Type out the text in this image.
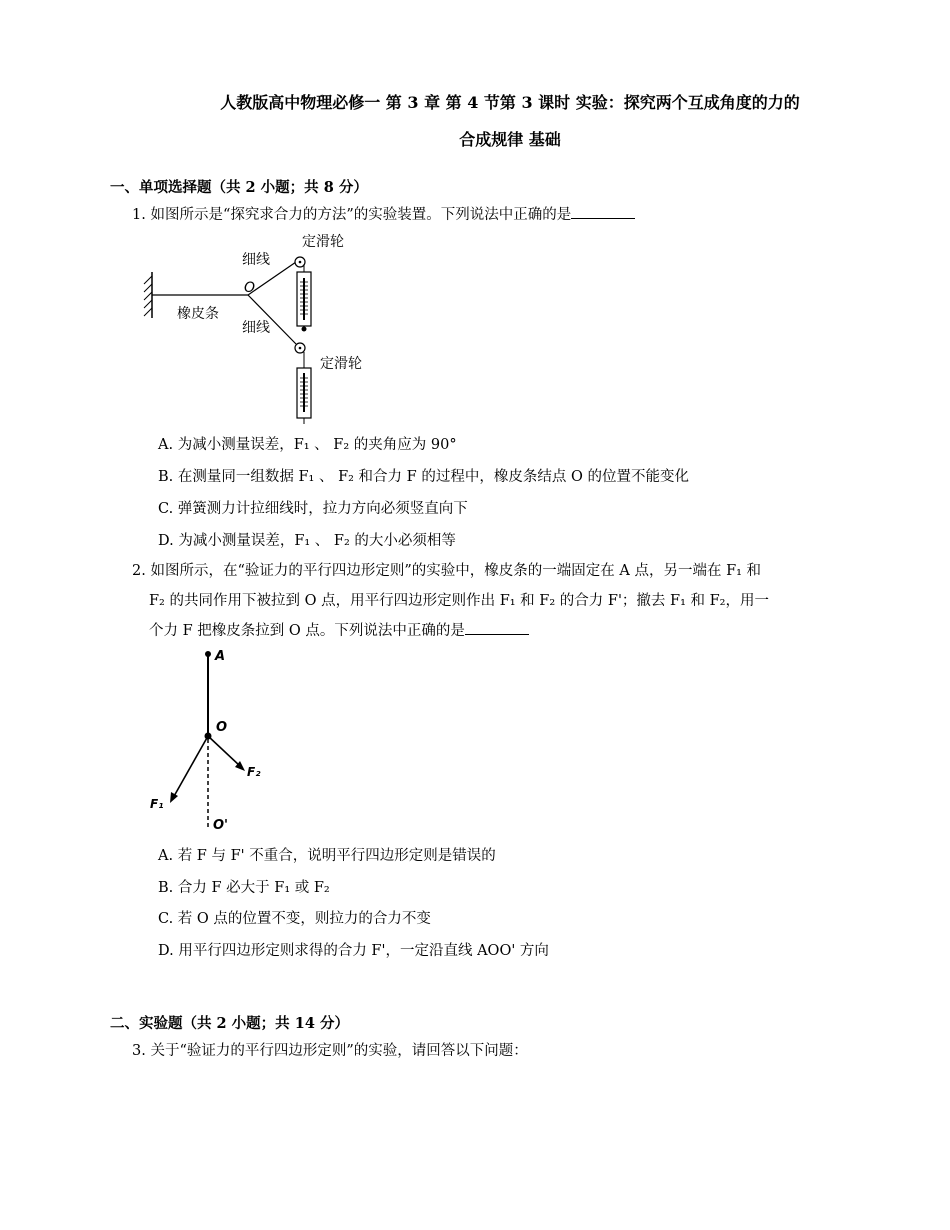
人教版高中物理必修一 第 3 章 第 4 节第 3 课时 实验：探究两个互成角度的力的
合成规律 基础
一、单项选择题（共 2 小题；共 8 分）
1. 如图所示是“探究求合力的方法”的实验装置。下列说法中正确的是
定滑轮
细线
O
橡皮条
细线
定滑轮
A. 为减小测量误差，F₁ 、 F₂ 的夹角应为 90°
B. 在测量同一组数据 F₁ 、 F₂ 和合力 F 的过程中，橡皮条结点 O 的位置不能变化
C. 弹簧测力计拉细线时，拉力方向必须竖直向下
D. 为减小测量误差，F₁ 、 F₂ 的大小必须相等
2. 如图所示，在“验证力的平行四边形定则”的实验中，橡皮条的一端固定在 A 点，另一端在 F₁ 和
F₂ 的共同作用下被拉到 O 点，用平行四边形定则作出 F₁ 和 F₂ 的合力 F'；撤去 F₁ 和 F₂，用一
个力 F 把橡皮条拉到 O 点。下列说法中正确的是
A
O
F₁
F₂
O'
A. 若 F 与 F' 不重合，说明平行四边形定则是错误的
B. 合力 F 必大于 F₁ 或 F₂
C. 若 O 点的位置不变，则拉力的合力不变
D. 用平行四边形定则求得的合力 F'，一定沿直线 AOO' 方向
二、实验题（共 2 小题；共 14 分）
3. 关于“验证力的平行四边形定则”的实验，请回答以下问题：
